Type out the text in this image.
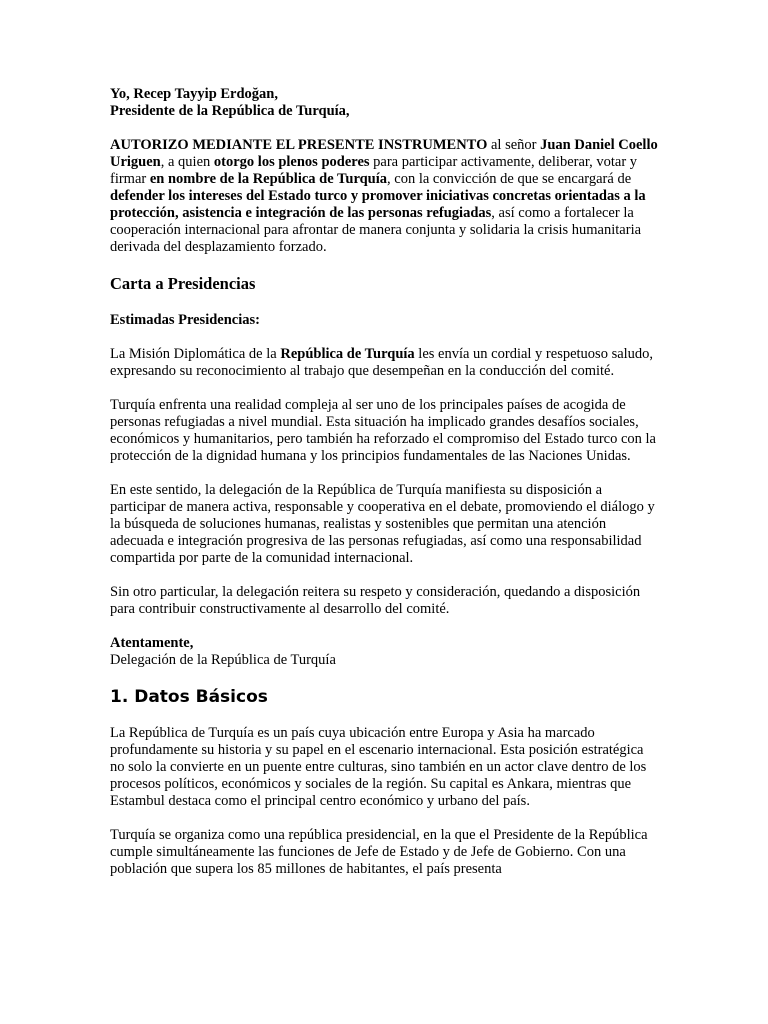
Yo, Recep Tayyip Erdoğan,

Presidente de la República de Turquía,

AUTORIZO MEDIANTE EL PRESENTE INSTRUMENTO al señor Juan Daniel Coello Uriguen, a quien otorgo los plenos poderes para participar activamente, deliberar, votar y firmar en nombre de la República de Turquía, con la convicción de que se encargará de defender los intereses del Estado turco y promover iniciativas concretas orientadas a la protección, asistencia e integración de las personas refugiadas, así como a fortalecer la cooperación internacional para afrontar de manera conjunta y solidaria la crisis humanitaria derivada del desplazamiento forzado.

Carta a Presidencias

Estimadas Presidencias:

La Misión Diplomática de la República de Turquía les envía un cordial y respetuoso saludo, expresando su reconocimiento al trabajo que desempeñan en la conducción del comité.

Turquía enfrenta una realidad compleja al ser uno de los principales países de acogida de personas refugiadas a nivel mundial. Esta situación ha implicado grandes desafíos sociales, económicos y humanitarios, pero también ha reforzado el compromiso del Estado turco con la protección de la dignidad humana y los principios fundamentales de las Naciones Unidas.

En este sentido, la delegación de la República de Turquía manifiesta su disposición a participar de manera activa, responsable y cooperativa en el debate, promoviendo el diálogo y la búsqueda de soluciones humanas, realistas y sostenibles que permitan una atención adecuada e integración progresiva de las personas refugiadas, así como una responsabilidad compartida por parte de la comunidad internacional.

Sin otro particular, la delegación reitera su respeto y consideración, quedando a disposición para contribuir constructivamente al desarrollo del comité.

Atentamente,

Delegación de la República de Turquía

1. Datos Básicos

La República de Turquía es un país cuya ubicación entre Europa y Asia ha marcado profundamente su historia y su papel en el escenario internacional. Esta posición estratégica no solo la convierte en un puente entre culturas, sino también en un actor clave dentro de los procesos políticos, económicos y sociales de la región. Su capital es Ankara, mientras que Estambul destaca como el principal centro económico y urbano del país.

Turquía se organiza como una república presidencial, en la que el Presidente de la República cumple simultáneamente las funciones de Jefe de Estado y de Jefe de Gobierno. Con una población que supera los 85 millones de habitantes, el país presenta
